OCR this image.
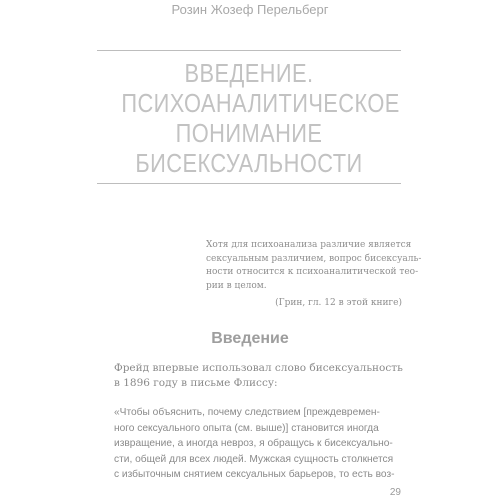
Розин Жозеф Перельберг
ВВЕДЕНИЕ.
ПСИХОАНАЛИТИЧЕСКОЕ
ПОНИМАНИЕ
БИСЕКСУАЛЬНОСТИ
Хотя для психоанализа различие является
сексуальным различием, вопрос бисексуаль-
ности относится к психоаналитической тео-
рии в целом.
(Грин, гл. 12 в этой книге)
Введение
Фрейд впервые использовал слово бисексуальность
в 1896 году в письме Флиссу:
«Чтобы объяснить, почему следствием [преждевремен-
ного сексуального опыта (см. выше)] становится иногда
извращение, а иногда невроз, я обращусь к бисексуально-
сти, общей для всех людей. Мужская сущность столкнется
с избыточным снятием сексуальных барьеров, то есть воз-
29
